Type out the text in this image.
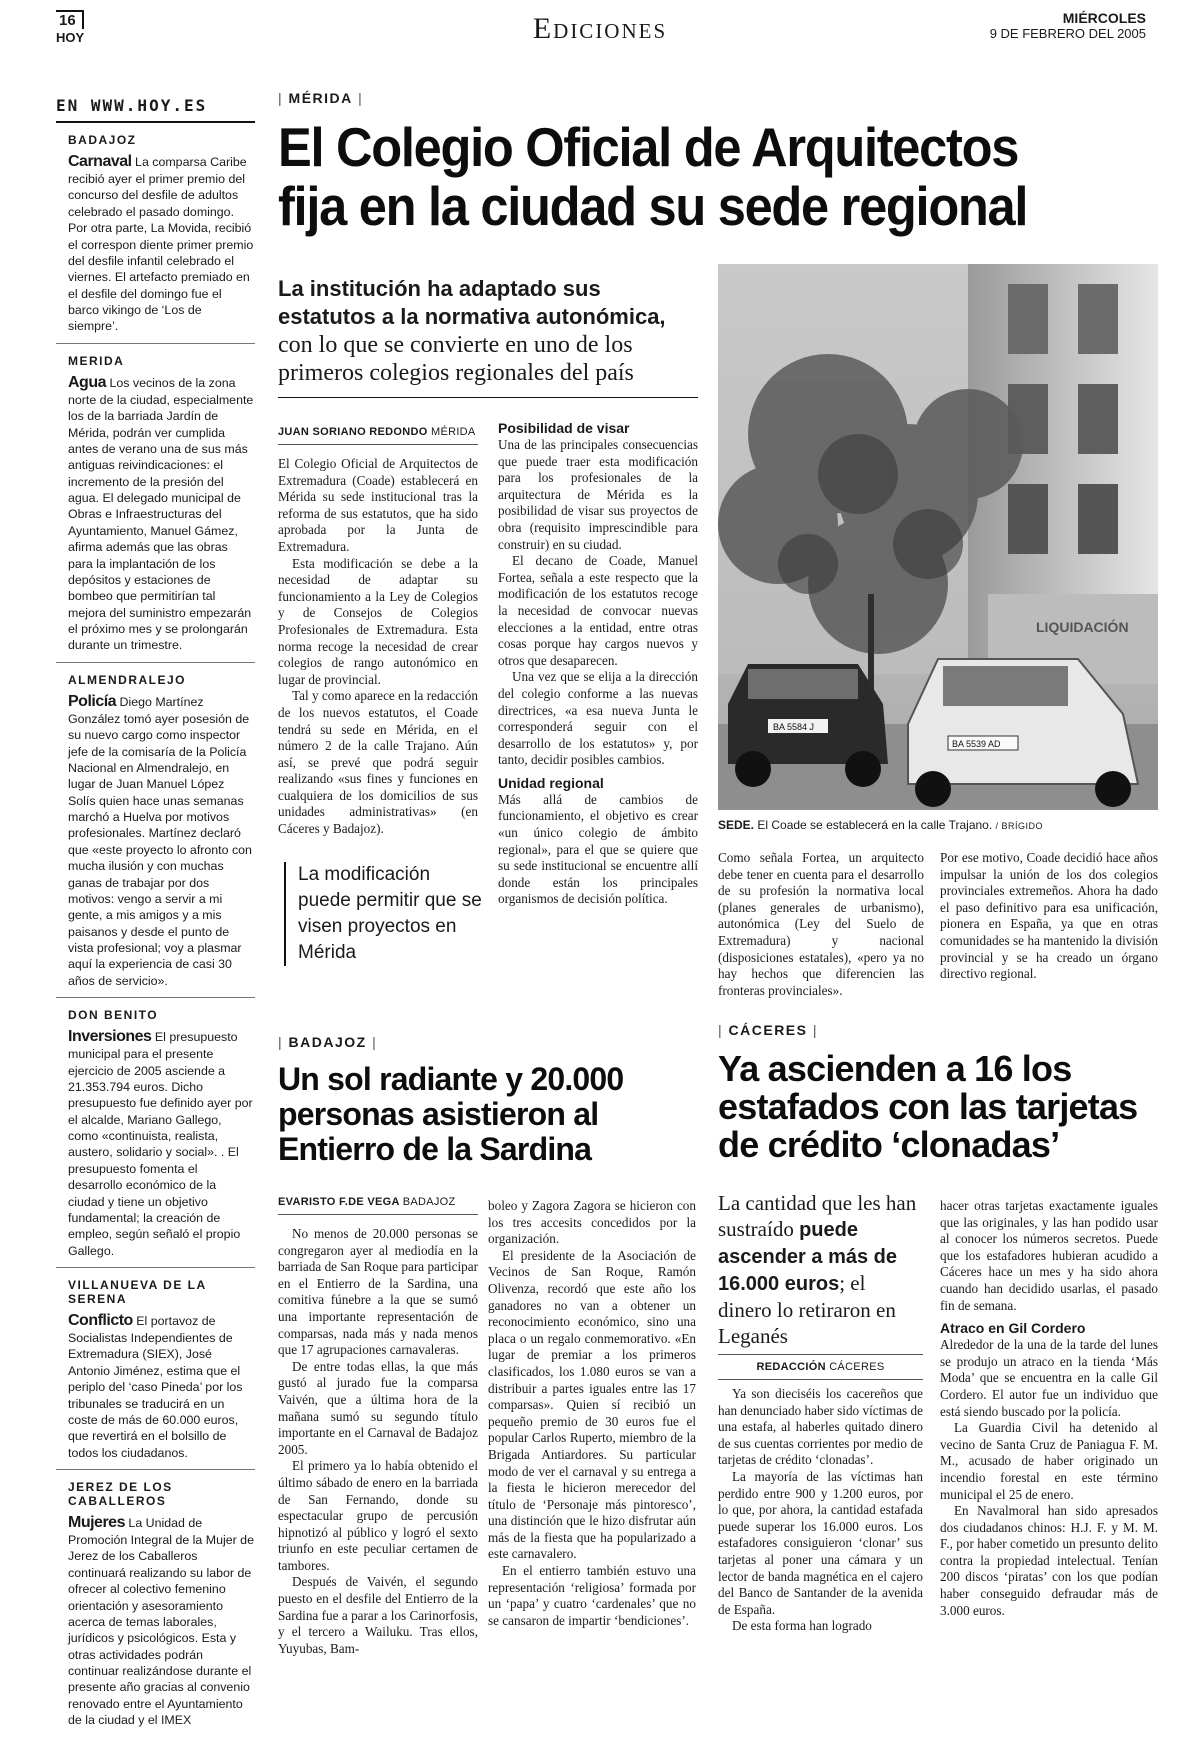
16
HOY	Ediciones	MIÉRCOLES
9 DE FEBRERO DEL 2005
EN WWW.HOY.ES
BADAJOZ
Carnaval La comparsa Caribe recibió ayer el primer premio del concurso del desfile de adultos celebrado el pasado domingo. Por otra parte, La Movida, recibió el correspon diente primer premio del desfile infantil celebrado el viernes. El artefacto premiado en el desfile del domingo fue el barco vikingo de ‘Los de siempre’.
MERIDA
Agua Los vecinos de la zona norte de la ciudad, especialmente los de la barriada Jardín de Mérida, podrán ver cumplida antes de verano una de sus más antiguas reivindicaciones: el incremento de la presión del agua. El delegado municipal de Obras e Infraestructuras del Ayuntamiento, Manuel Gámez, afirma además que las obras para la implantación de los depósitos y estaciones de bombeo que permitirían tal mejora del suministro empezarán el próximo mes y se prolongarán durante un trimestre.
ALMENDRALEJO
Policía Diego Martínez González tomó ayer posesión de su nuevo cargo como inspector jefe de la comisaría de la Policía Nacional en Almendralejo, en lugar de Juan Manuel López Solís quien hace unas semanas marchó a Huelva por motivos profesionales. Martínez declaró que «este proyecto lo afronto con mucha ilusión y con muchas ganas de trabajar por dos motivos: vengo a servir a mi gente, a mis amigos y a mis paisanos y desde el punto de vista profesional; voy a plasmar aquí la experiencia de casi 30 años de servicio».
DON BENITO
Inversiones El presupuesto municipal para el presente ejercicio de 2005 asciende a 21.353.794 euros. Dicho presupuesto fue definido ayer por el alcalde, Mariano Gallego, como «continuista, realista, austero, solidario y social». . El presupuesto fomenta el desarrollo económico de la ciudad y tiene un objetivo fundamental; la creación de empleo, según señaló el propio Gallego.
VILLANUEVA DE LA SERENA
Conflicto El portavoz de Socialistas Independientes de Extremadura (SIEX), José Antonio Jiménez, estima que el periplo del ‘caso Pineda’ por los tribunales se traducirá en un coste de más de 60.000 euros, que revertirá en el bolsillo de todos los ciudadanos.
JEREZ DE LOS CABALLEROS
Mujeres La Unidad de Promoción Integral de la Mujer de Jerez de los Caballeros continuará realizando su labor de ofrecer al colectivo femenino orientación y asesoramiento acerca de temas laborales, jurídicos y psicológicos. Esta y otras actividades podrán continuar realizándose durante el presente año gracias al convenio renovado entre el Ayuntamiento de la ciudad y el IMEX
| MÉRIDA |
El Colegio Oficial de Arquitectos
fija en la ciudad su sede regional
La institución ha adaptado sus estatutos a la normativa autonómica,
con lo que se convierte en uno de los primeros colegios regionales del país
JUAN SORIANO REDONDO MÉRIDA

El Colegio Oficial de Arquitectos de Extremadura (Coade) establecerá en Mérida su sede institucional tras la reforma de sus estatutos, que ha sido aprobada por la Junta de Extremadura.

Esta modificación se debe a la necesidad de adaptar su funcionamiento a la Ley de Colegios y de Consejos de Colegios Profesionales de Extremadura. Esta norma recoge la necesidad de crear colegios de rango autonómico en lugar de provincial.

Tal y como aparece en la redacción de los nuevos estatutos, el Coade tendrá su sede en Mérida, en el número 2 de la calle Trajano. Aún así, se prevé que podrá seguir realizando «sus fines y funciones en cualquiera de los domicilios de sus unidades administrativas» (en Cáceres y Badajoz).

La modificación puede permitir que se visen proyectos en Mérida
Posibilidad de visar

Una de las principales consecuencias que puede traer esta modificación para los profesionales de la arquitectura de Mérida es la posibilidad de visar sus proyectos de obra (requisito imprescindible para construir) en su ciudad.

El decano de Coade, Manuel Fortea, señala a este respecto que la modificación de los estatutos recoge la necesidad de convocar nuevas elecciones a la entidad, entre otras cosas porque hay cargos nuevos y otros que desaparecen.

Una vez que se elija a la dirección del colegio conforme a las nuevas directrices, «a esa nueva Junta le corresponderá seguir con el desarrollo de los estatutos» y, por tanto, decidir posibles cambios.

Unidad regional

Más allá de cambios de funcionamiento, el objetivo es crear «un único colegio de ámbito regional», para el que se quiere que su sede institucional se encuentre allí donde están los principales organismos de decisión política.

Como señala Fortea, un arquitecto debe tener en cuenta para el desarrollo de su profesión la normativa local (planes generales de urbanismo), autonómica (Ley del Suelo de Extremadura) y nacional (disposiciones estatales), «pero ya no hay hechos que diferencien las fronteras provinciales».

Por ese motivo, Coade decidió hace años impulsar la unión de los dos colegios provinciales extremeños. Ahora ha dado el paso definitivo para esa unificación, pionera en España, ya que en otras comunidades se ha mantenido la división provincial y se ha creado un órgano directivo regional.

LIQUIDACIÓN
BA 5584 J
BA 5539 AD
SEDE. El Coade se establecerá en la calle Trajano. / BRÍGIDO
| BADAJOZ |
Un sol radiante y 20.000 personas asistieron al Entierro de la Sardina
EVARISTO F.DE VEGA BADAJOZ

No menos de 20.000 personas se congregaron ayer al mediodía en la barriada de San Roque para participar en el Entierro de la Sardina, una comitiva fúnebre a la que se sumó una importante representación de comparsas, nada más y nada menos que 17 agrupaciones carnavaleras.

De entre todas ellas, la que más gustó al jurado fue la comparsa Vaivén, que a última hora de la mañana sumó su segundo título importante en el Carnaval de Badajoz 2005.

El primero ya lo había obtenido el último sábado de enero en la barriada de San Fernando, donde su espectacular grupo de percusión hipnotizó al público y logró el sexto triunfo en este peculiar certamen de tambores.

Después de Vaivén, el segundo puesto en el desfile del Entierro de la Sardina fue a parar a los Carinorfosis, y el tercero a Wailuku. Tras ellos, Yuyubas, Bam-

boleo y Zagora Zagora se hicieron con los tres accesits concedidos por la organización.

El presidente de la Asociación de Vecinos de San Roque, Ramón Olivenza, recordó que este año los ganadores no van a obtener un reconocimiento económico, sino una placa o un regalo conmemorativo. «En lugar de premiar a los primeros clasificados, los 1.080 euros se van a distribuir a partes iguales entre las 17 comparsas». Quien sí recibió un pequeño premio de 30 euros fue el popular Carlos Ruperto, miembro de la Brigada Antiardores. Su particular modo de ver el carnaval y su entrega a la fiesta le hicieron merecedor del título de ‘Personaje más pintoresco’, una distinción que le hizo disfrutar aún más de la fiesta que ha popularizado a este carnavalero.

En el entierro también estuvo una representación ‘religiosa’ formada por un ‘papa’ y cuatro ‘cardenales’ que no se cansaron de impartir ‘bendiciones’.

| CÁCERES |
Ya ascienden a 16 los estafados con las tarjetas de crédito ‘clonadas’
La cantidad que les han sustraído puede ascender a más de 16.000 euros; el dinero lo retiraron en Leganés
REDACCIÓN CÁCERES

Ya son dieciséis los cacereños que han denunciado haber sido víctimas de una estafa, al haberles quitado dinero de sus cuentas corrientes por medio de tarjetas de crédito ‘clonadas’.

La mayoría de las víctimas han perdido entre 900 y 1.200 euros, por lo que, por ahora, la cantidad estafada puede superar los 16.000 euros. Los estafadores consiguieron ‘clonar’ sus tarjetas al poner una cámara y un lector de banda magnética en el cajero del Banco de Santander de la avenida de España.

De esta forma han logrado

hacer otras tarjetas exactamente iguales que las originales, y las han podido usar al conocer los números secretos. Puede que los estafadores hubieran acudido a Cáceres hace un mes y ha sido ahora cuando han decidido usarlas, el pasado fin de semana.

Atraco en Gil Cordero

Alrededor de la una de la tarde del lunes se produjo un atraco en la tienda ‘Más Moda’ que se encuentra en la calle Gil Cordero. El autor fue un individuo que está siendo buscado por la policía.

La Guardia Civil ha detenido al vecino de Santa Cruz de Paniagua F. M. M., acusado de haber originado un incendio forestal en este término municipal el 25 de enero.

En Navalmoral han sido apresados dos ciudadanos chinos: H.J. F. y M. M. F., por haber cometido un presunto delito contra la propiedad intelectual. Tenían 200 discos ‘piratas’ con los que podían haber conseguido defraudar más de 3.000 euros.
